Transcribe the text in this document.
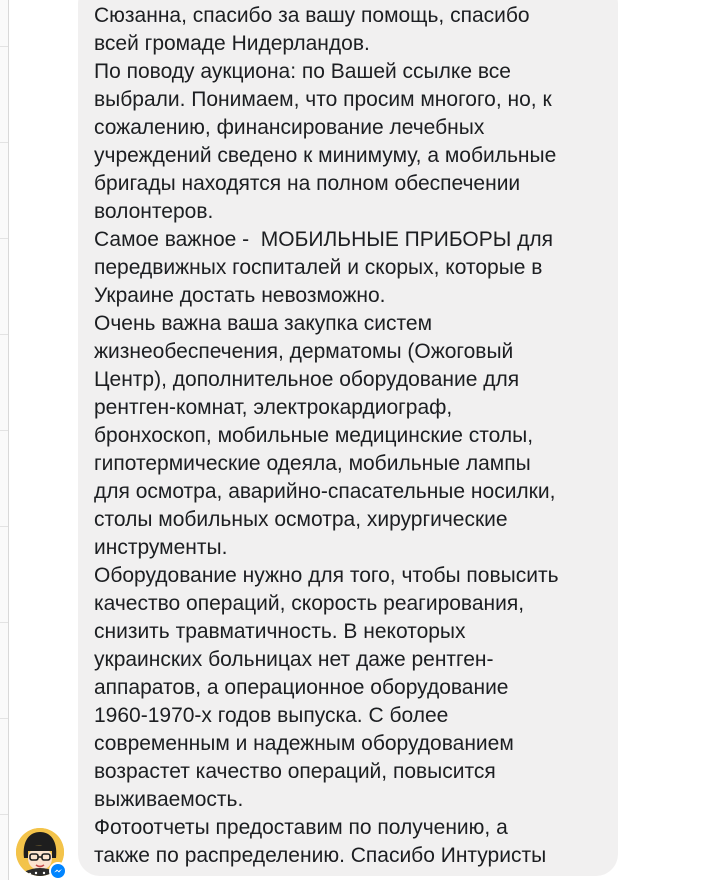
Сюзанна, спасибо за вашу помощь, спасибо

всей громаде Нидерландов.

По поводу аукциона: по Вашей ссылке все

выбрали. Понимаем, что просим многого, но, к

сожалению, финансирование лечебных

учреждений сведено к минимуму, а мобильные

бригады находятся на полном обеспечении

волонтеров.

Самое важное -  МОБИЛЬНЫЕ ПРИБОРЫ для

передвижных госпиталей и скорых, которые в

Украине достать невозможно.

Очень важна ваша закупка систем

жизнеобеспечения, дерматомы (Ожоговый

Центр), дополнительное оборудование для

рентген-комнат, электрокардиограф,

бронхоскоп, мобильные медицинские столы,

гипотермические одеяла, мобильные лампы

для осмотра, аварийно-спасательные носилки,

столы мобильных осмотра, хирургические

инструменты.

Оборудование нужно для того, чтобы повысить

качество операций, скорость реагирования,

снизить травматичность. В некоторых

украинских больницах нет даже рентген-

аппаратов, а операционное оборудование

1960-1970-х годов выпуска. С более

современным и надежным оборудованием

возрастет качество операций, повысится

выживаемость.

Фотоотчеты предоставим по получению, а

также по распределению. Спасибо Интуристы
